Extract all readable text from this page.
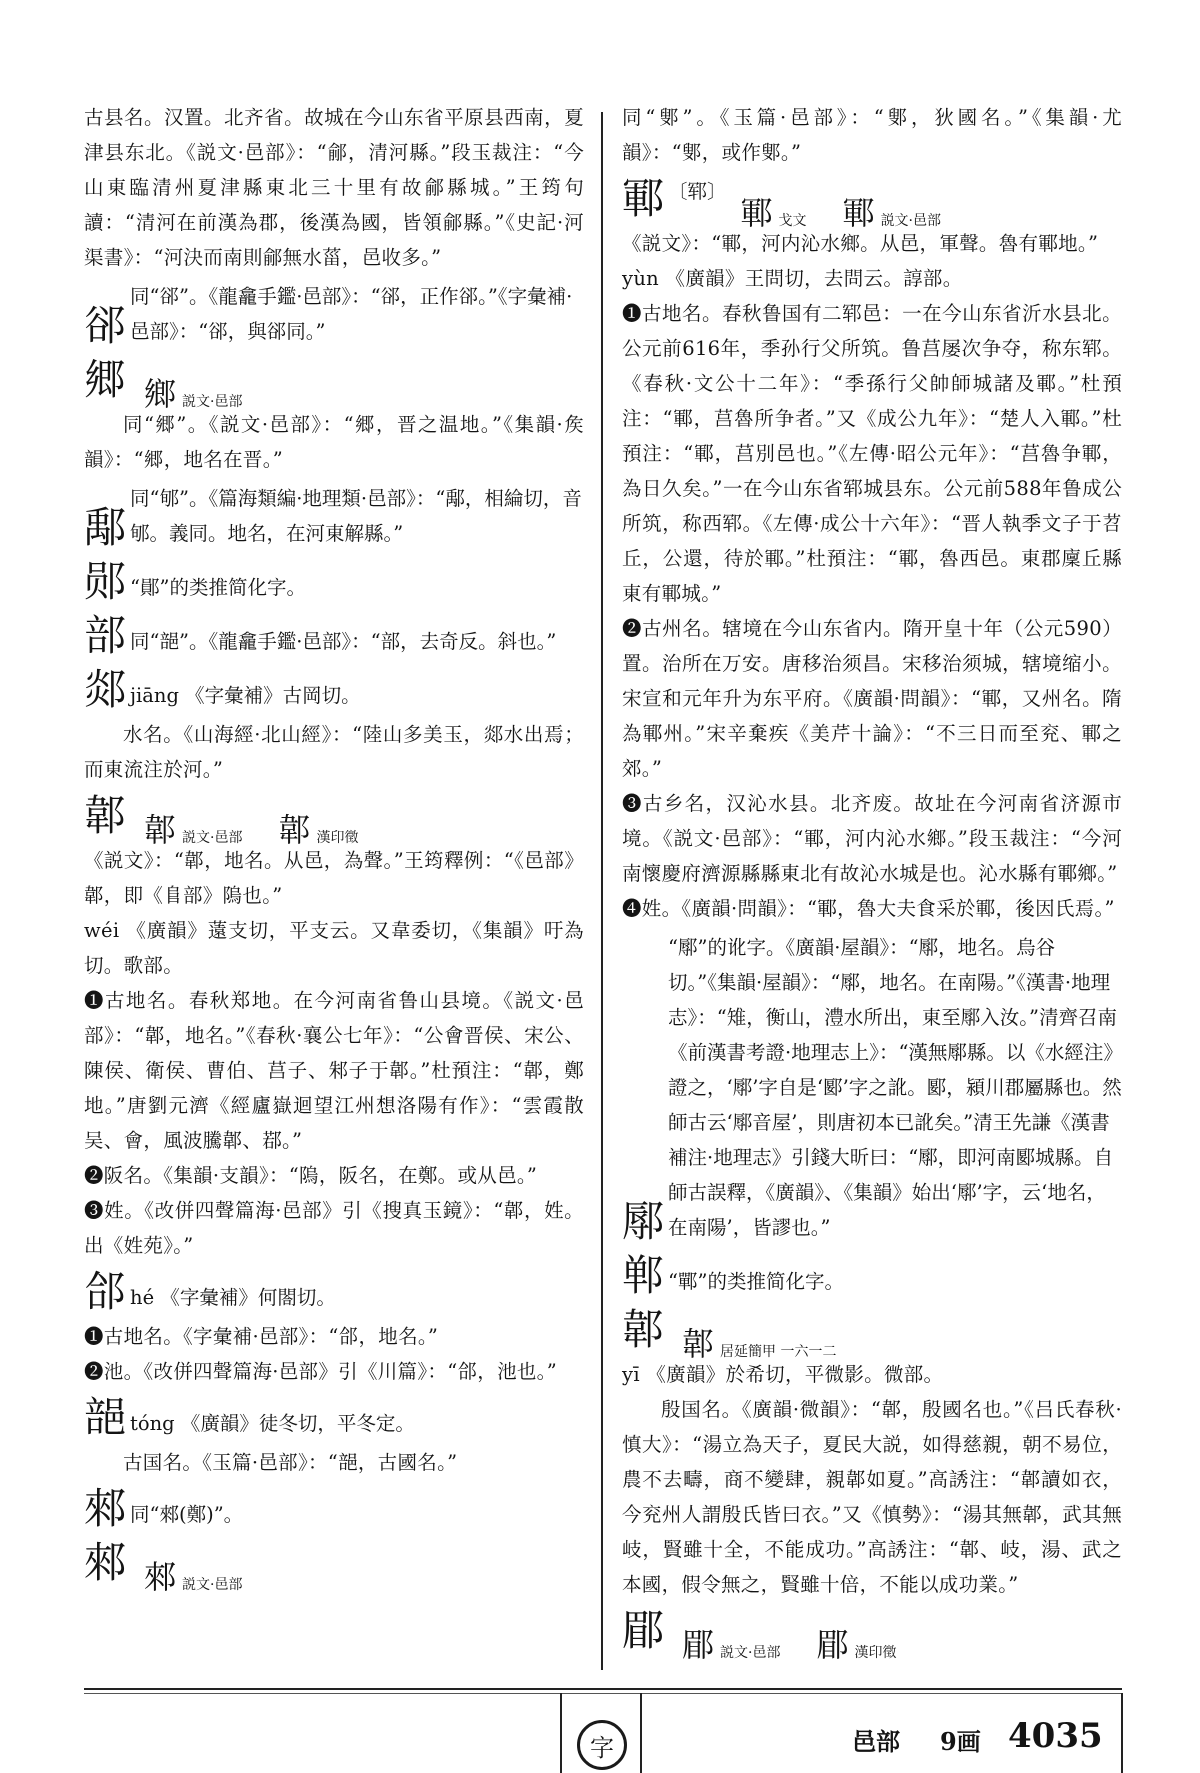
古县名。汉置。北齐省。故城在今山东省平原县西南，夏津县东北。《説文·邑部》：“鄃，清河縣。”段玉裁注：“今山東臨清州夏津縣東北三十里有故鄃縣城。”王筠句讀：“清河在前漢為郡，後漢為國，皆領鄃縣。”《史記·河渠書》：“河決而南則鄃無水菑，邑收多。”

郤
同“郤”。《龍龕手鑑·邑部》：“郤，正作郤。”《字彙補·邑部》：“郤，與郤同。”
郷 鄉 説文·邑部

同“郷”。《説文·邑部》：“郷，晋之温地。”《集韻·矦韻》：“郷，地名在晋。”

鄅
同“郇”。《篇海類編·地理類·邑部》：“鄅，相綸切，音郇。義同。地名，在河東解縣。”
郧 “鄖”的类推简化字。
部 同“郶”。《龍龕手鑑·邑部》：“部，去奇反。斜也。”
郯 jiāng 《字彙補》古岡切。

水名。《山海經·北山經》：“陸山多美玉，郯水出焉；而東流注於河。”

郼 郼 説文·邑部 郼 漢印徵

《説文》：“郼，地名。从邑，為聲。”王筠釋例：“《邑部》郼，即《𨸏部》隖也。”

wéi 《廣韻》薳支切，平支云。又韋委切，《集韻》吁為切。歌部。

❶古地名。春秋郑地。在今河南省鲁山县境。《説文·邑部》：“郼，地名。”《春秋·襄公七年》：“公會晋侯、宋公、陳侯、衛侯、曹伯、莒子、邾子于郼。”杜預注：“郼，鄭地。”唐劉元濟《經廬嶽迴望江州想洛陽有作》：“雲霞散吴、會，風波騰郼、鄀。”

❷阪名。《集韻·支韻》：“隖，阪名，在鄭。或从邑。”

❸姓。《改併四聲篇海·邑部》引《搜真玉鏡》：“郼，姓。出《姓苑》。”

郃 hé 《字彙補》何閤切。

❶古地名。《字彙補·邑部》：“郃，地名。”

❷池。《改併四聲篇海·邑部》引《川篇》：“郃，池也。”

郶 tóng 《廣韻》徒冬切，平冬定。

古国名。《玉篇·邑部》：“郶，古國名。”

郲 同“郲(鄭)”。
郲 郲 説文·邑部

同“鄋”。《玉篇·邑部》：“鄋，狄國名。”《集韻·尤韻》：“鄋，或作鄋。”

鄆 〔郓〕
鄆 戈文 鄆 説文·邑部

《説文》：“鄆，河内沁水鄉。从邑，軍聲。魯有鄆地。”

yùn 《廣韻》王問切，去問云。諄部。

❶古地名。春秋鲁国有二郓邑：一在今山东省沂水县北。公元前616年，季孙行父所筑。鲁莒屡次争夺，称东郓。《春秋·文公十二年》：“季孫行父帥師城諸及鄆。”杜預注：“鄆，莒魯所争者。”又《成公九年》：“楚人入鄆。”杜預注：“鄆，莒別邑也。”《左傳·昭公元年》：“莒魯争鄆，為日久矣。”一在今山东省郓城县东。公元前588年鲁成公所筑，称西郓。《左傳·成公十六年》：“晋人執季文子于苕丘，公還，待於鄆。”杜預注：“鄆，魯西邑。東郡廩丘縣東有鄆城。”

❷古州名。辖境在今山东省内。隋开皇十年（公元590）置。治所在万安。唐移治须昌。宋移治须城，辖境缩小。宋宣和元年升为东平府。《廣韻·問韻》：“鄆，又州名。隋為鄆州。”宋辛棄疾《美芹十論》：“不三日而至兖、鄆之郊。”

❸古乡名，汉沁水县。北齐废。故址在今河南省济源市境。《説文·邑部》：“鄆，河内沁水鄉。”段玉裁注：“今河南懷慶府濟源縣縣東北有故沁水城是也。沁水縣有鄆鄉。”

❹姓。《廣韻·問韻》：“鄆，魯大夫食采於鄆，後因氏焉。”

鄏
“鄏”的讹字。《廣韻·屋韻》：“鄏，地名。烏谷切。”《集韻·屋韻》：“鄏，地名。在南陽。”《漢書·地理志》：“雉，衡山，澧水所出，東至鄏入汝。”清齊召南《前漢書考證·地理志上》：“漢無鄏縣。以《水經注》證之，‘鄏’字自是‘郾’字之訛。郾，潁川郡屬縣也。然師古云‘鄏音屋’，則唐初本已訛矣。”清王先謙《漢書補注·地理志》引錢大昕曰：“鄏，即河南郾城縣。自師古誤釋，《廣韻》、《集韻》始出‘鄏’字，云‘地名，在南陽’，皆謬也。”
郸 “鄲”的类推简化字。
郼 郼 居延簡甲 一六一二

yī 《廣韻》於希切，平微影。微部。

殷国名。《廣韻·微韻》：“郼，殷國名也。”《吕氏春秋·慎大》：“湯立為天子，夏民大説，如得慈親，朝不易位，農不去疇，商不變肆，親郼如夏。”高誘注：“郼讀如衣，今兖州人謂殷氏皆曰衣。”又《慎勢》：“湯其無郼，武其無岐，賢雖十全，不能成功。”高誘注：“郼、岐，湯、武之本國，假令無之，賢雖十倍，不能以成功業。”

郿 郿 説文·邑部 郿 漢印徵
字	邑部 9画 4035
